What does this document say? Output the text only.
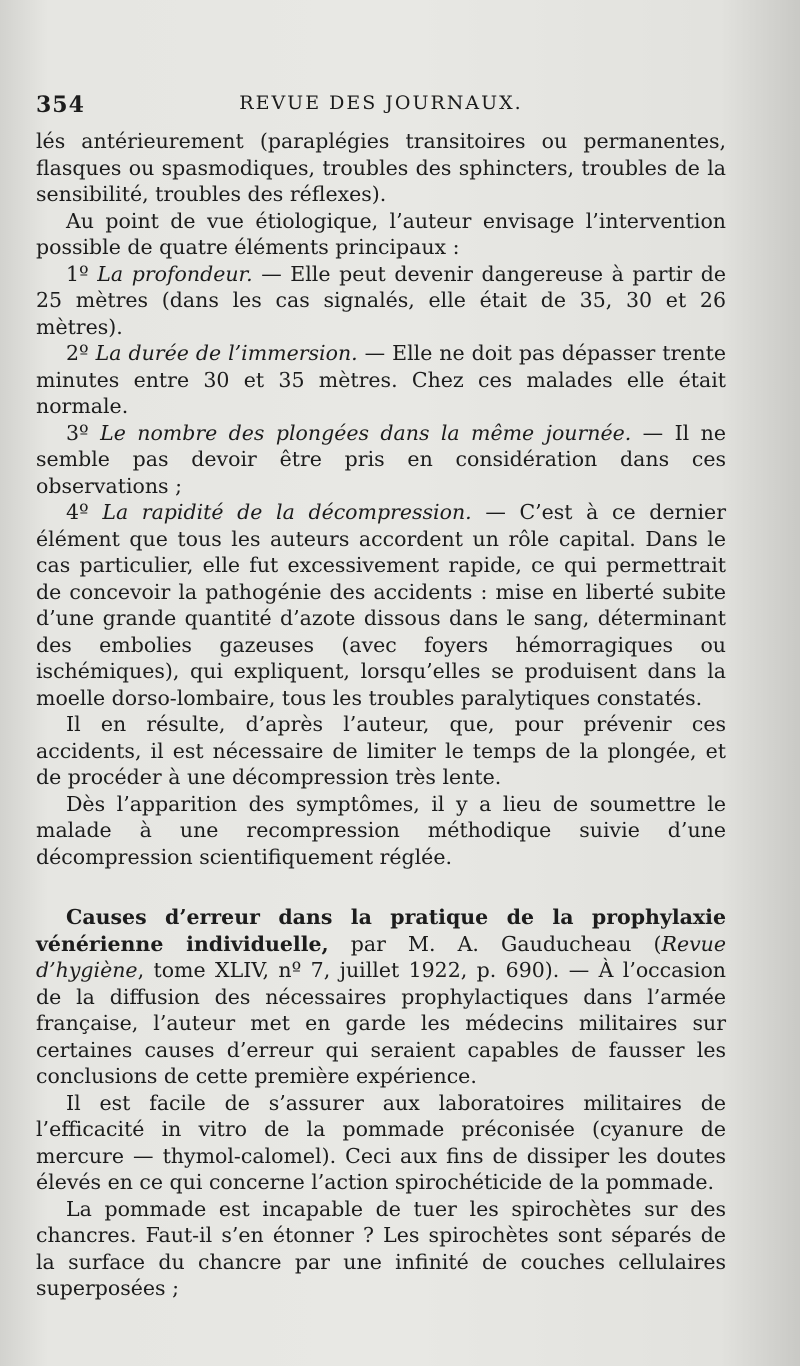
354	REVUE DES JOURNAUX.

lés antérieurement (paraplégies transitoires ou permanentes, flasques ou spasmodiques, troubles des sphincters, troubles de la sensibilité, troubles des réflexes).

Au point de vue étiologique, l’auteur envisage l’intervention possible de quatre éléments principaux :

1º La profondeur. — Elle peut devenir dangereuse à partir de 25 mètres (dans les cas signalés, elle était de 35, 30 et 26 mètres).

2º La durée de l’immersion. — Elle ne doit pas dépasser trente minutes entre 30 et 35 mètres. Chez ces malades elle était normale.

3º Le nombre des plongées dans la même journée. — Il ne semble pas devoir être pris en considération dans ces observations ;

4º La rapidité de la décompression. — C’est à ce dernier élément que tous les auteurs accordent un rôle capital. Dans le cas particulier, elle fut excessivement rapide, ce qui permettrait de concevoir la pathogénie des accidents : mise en liberté subite d’une grande quantité d’azote dissous dans le sang, déterminant des embolies gazeuses (avec foyers hémorragiques ou ischémiques), qui expliquent, lorsqu’elles se produisent dans la moelle dorso-lombaire, tous les troubles paralytiques constatés.

Il en résulte, d’après l’auteur, que, pour prévenir ces accidents, il est nécessaire de limiter le temps de la plongée, et de procéder à une décompression très lente.

Dès l’apparition des symptômes, il y a lieu de soumettre le malade à une recompression méthodique suivie d’une décompression scientifiquement réglée.

Causes d’erreur dans la pratique de la prophylaxie vénérienne individuelle, par M. A. Gauducheau (Revue d’hygiène, tome XLIV, nº 7, juillet 1922, p. 690). — À l’occasion de la diffusion des nécessaires prophylactiques dans l’armée française, l’auteur met en garde les médecins militaires sur certaines causes d’erreur qui seraient capables de fausser les conclusions de cette première expérience.

Il est facile de s’assurer aux laboratoires militaires de l’efficacité in vitro de la pommade préconisée (cyanure de mercure — thymol-calomel). Ceci aux fins de dissiper les doutes élevés en ce qui concerne l’action spirochéticide de la pommade.

La pommade est incapable de tuer les spirochètes sur des chancres. Faut-il s’en étonner ? Les spirochètes sont séparés de la surface du chancre par une infinité de couches cellulaires superposées ;
